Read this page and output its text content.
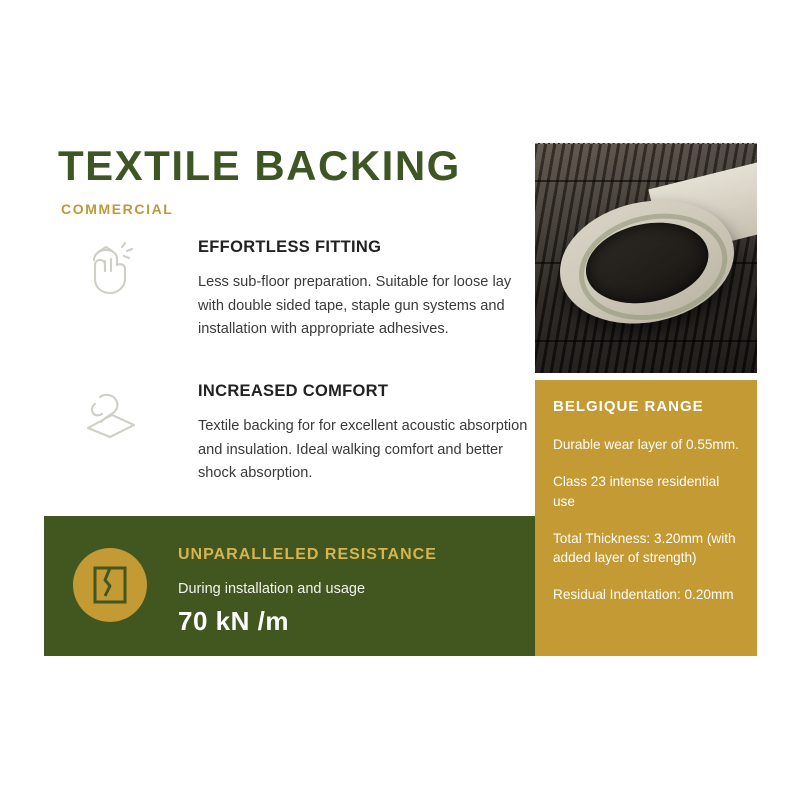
TEXTILE BACKING
COMMERCIAL
EFFORTLESS FITTING
Less sub-floor preparation. Suitable for loose lay with double sided tape, staple gun systems and installation with appropriate adhesives.
INCREASED COMFORT
Textile backing for for excellent acoustic absorption and insulation. Ideal walking comfort and better shock absorption.
UNPARALLELED RESISTANCE
During installation and usage
70 kN /m
BELGIQUE RANGE
Durable wear layer of 0.55mm.
Class 23 intense residential use
Total Thickness: 3.20mm (with added layer of strength)
Residual Indentation: 0.20mm
